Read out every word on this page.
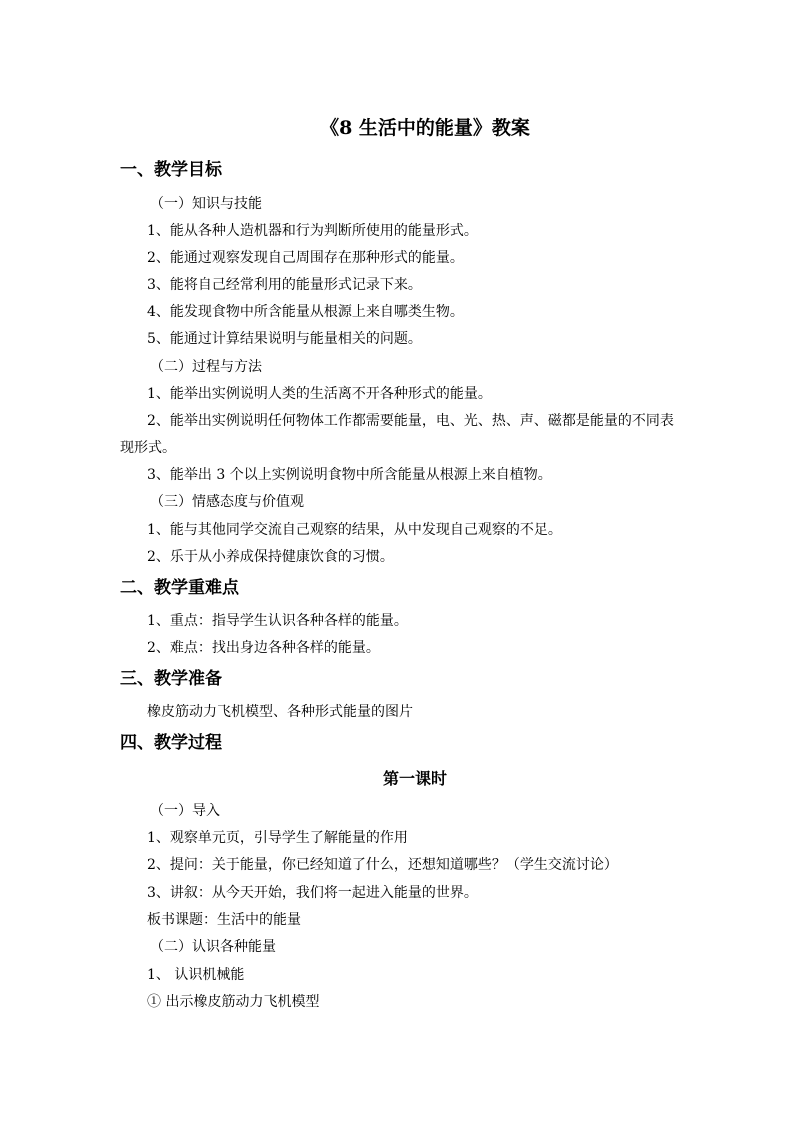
《8 生活中的能量》教案
一、教学目标
（一）知识与技能
1、能从各种人造机器和行为判断所使用的能量形式。
2、能通过观察发现自己周围存在那种形式的能量。
3、能将自己经常利用的能量形式记录下来。
4、能发现食物中所含能量从根源上来自哪类生物。
5、能通过计算结果说明与能量相关的问题。
（二）过程与方法
1、能举出实例说明人类的生活离不开各种形式的能量。
2、能举出实例说明任何物体工作都需要能量，电、光、热、声、磁都是能量的不同表
现形式。
3、能举出 3 个以上实例说明食物中所含能量从根源上来自植物。
（三）情感态度与价值观
1、能与其他同学交流自己观察的结果，从中发现自己观察的不足。
2、乐于从小养成保持健康饮食的习惯。
二、教学重难点
1、重点：指导学生认识各种各样的能量。
2、难点：找出身边各种各样的能量。
三、教学准备
橡皮筋动力飞机模型、各种形式能量的图片
四、教学过程
第一课时
（一）导入
1、观察单元页，引导学生了解能量的作用
2、提问：关于能量，你已经知道了什么，还想知道哪些？（学生交流讨论）
3、讲叙：从今天开始，我们将一起进入能量的世界。
板书课题：生活中的能量
（二）认识各种能量
1、 认识机械能
① 出示橡皮筋动力飞机模型
